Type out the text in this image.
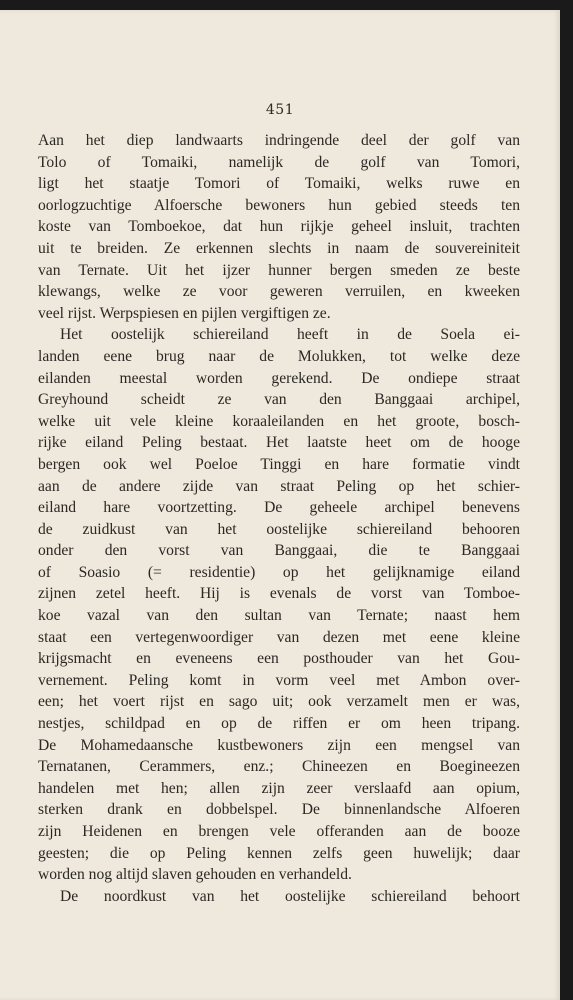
451
Aan het diep landwaarts indringende deel der golf van
Tolo of Tomaiki, namelijk de golf van Tomori,
ligt het staatje Tomori of Tomaiki, welks ruwe en
oorlogzuchtige Alfoersche bewoners hun gebied steeds ten
koste van Tomboekoe, dat hun rijkje geheel insluit, trachten
uit te breiden. Ze erkennen slechts in naam de souvereiniteit
van Ternate. Uit het ijzer hunner bergen smeden ze beste
klewangs, welke ze voor geweren verruilen, en kweeken
veel rijst. Werpspiesen en pijlen vergiftigen ze.
Het oostelijk schiereiland heeft in de Soela ei-
landen eene brug naar de Molukken, tot welke deze
eilanden meestal worden gerekend. De ondiepe straat
Greyhound scheidt ze van den Banggaai archipel,
welke uit vele kleine koraaleilanden en het groote, bosch-
rijke eiland Peling bestaat. Het laatste heet om de hooge
bergen ook wel Poeloe Tinggi en hare formatie vindt
aan de andere zijde van straat Peling op het schier-
eiland hare voortzetting. De geheele archipel benevens
de zuidkust van het oostelijke schiereiland behooren
onder den vorst van Banggaai, die te Banggaai
of Soasio (= residentie) op het gelijknamige eiland
zijnen zetel heeft. Hij is evenals de vorst van Tomboe-
koe vazal van den sultan van Ternate; naast hem
staat een vertegenwoordiger van dezen met eene kleine
krijgsmacht en eveneens een posthouder van het Gou-
vernement. Peling komt in vorm veel met Ambon over-
een; het voert rijst en sago uit; ook verzamelt men er was,
nestjes, schildpad en op de riffen er om heen tripang.
De Mohamedaansche kustbewoners zijn een mengsel van
Ternatanen, Cerammers, enz.; Chineezen en Boegineezen
handelen met hen; allen zijn zeer verslaafd aan opium,
sterken drank en dobbelspel. De binnenlandsche Alfoeren
zijn Heidenen en brengen vele offeranden aan de booze
geesten; die op Peling kennen zelfs geen huwelijk; daar
worden nog altijd slaven gehouden en verhandeld.
De noordkust van het oostelijke schiereiland behoort
